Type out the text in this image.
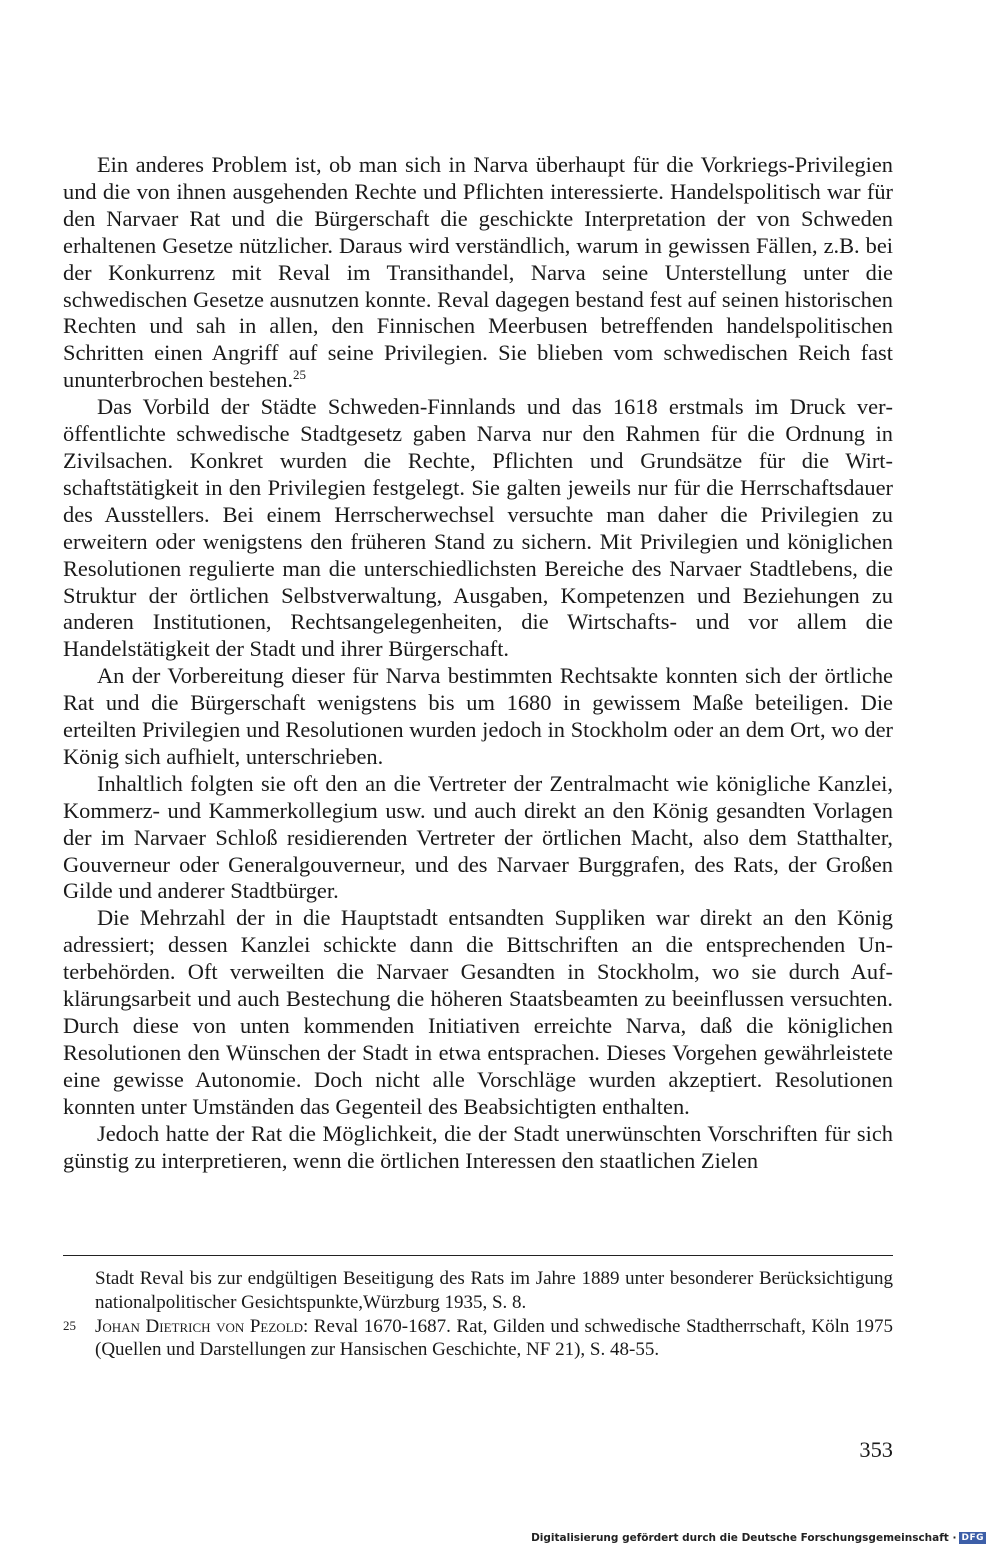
Ein anderes Problem ist, ob man sich in Narva überhaupt für die Vorkriegs-Privilegien und die von ihnen ausgehenden Rechte und Pflichten interessierte. Handelspolitisch war für den Narvaer Rat und die Bürgerschaft die geschickte Interpretation der von Schweden erhaltenen Gesetze nützlicher. Daraus wird verständlich, warum in gewissen Fällen, z.B. bei der Konkurrenz mit Reval im Transithandel, Narva seine Unterstellung unter die schwedischen Gesetze ausnutzen konnte. Reval dagegen bestand fest auf seinen historischen Rechten und sah in allen, den Finnischen Meerbusen betreffenden handelspolitischen Schritten einen Angriff auf seine Privilegien. Sie blieben vom schwedischen Reich fast ununterbrochen bestehen.$^{25}$

Das Vorbild der Städte Schweden-Finnlands und das 1618 erstmals im Druck veröffentlichte schwedische Stadtgesetz gaben Narva nur den Rahmen für die Ordnung in Zivilsachen. Konkret wurden die Rechte, Pflichten und Grundsätze für die Wirtschaftstätigkeit in den Privilegien festgelegt. Sie galten jeweils nur für die Herrschaftsdauer des Ausstellers. Bei einem Herrscherwechsel versuchte man daher die Privilegien zu erweitern oder wenigstens den früheren Stand zu sichern. Mit Privilegien und königlichen Resolutionen regulierte man die unterschiedlichsten Bereiche des Narvaer Stadtlebens, die Struktur der örtlichen Selbstverwaltung, Ausgaben, Kompetenzen und Beziehungen zu anderen Institutionen, Rechtsangelegenheiten, die Wirtschafts- und vor allem die Handelstätigkeit der Stadt und ihrer Bürgerschaft.

An der Vorbereitung dieser für Narva bestimmten Rechtsakte konnten sich der örtliche Rat und die Bürgerschaft wenigstens bis um 1680 in gewissem Maße beteiligen. Die erteilten Privilegien und Resolutionen wurden jedoch in Stockholm oder an dem Ort, wo der König sich aufhielt, unterschrieben.

Inhaltlich folgten sie oft den an die Vertreter der Zentralmacht wie königliche Kanzlei, Kommerz- und Kammerkollegium usw. und auch direkt an den König gesandten Vorlagen der im Narvaer Schloß residierenden Vertreter der örtlichen Macht, also dem Statthalter, Gouverneur oder Generalgouverneur, und des Narvaer Burggrafen, des Rats, der Großen Gilde und anderer Stadtbürger.

Die Mehrzahl der in die Hauptstadt entsandten Suppliken war direkt an den König adressiert; dessen Kanzlei schickte dann die Bittschriften an die entsprechenden Unterbehörden. Oft verweilten die Narvaer Gesandten in Stockholm, wo sie durch Aufklärungsarbeit und auch Bestechung die höheren Staatsbeamten zu beeinflussen versuchten. Durch diese von unten kommenden Initiativen erreichte Narva, daß die königlichen Resolutionen den Wünschen der Stadt in etwa entsprachen. Dieses Vorgehen gewährleistete eine gewisse Autonomie. Doch nicht alle Vorschläge wurden akzeptiert. Resolutionen konnten unter Umständen das Gegenteil des Beabsichtigten enthalten.

Jedoch hatte der Rat die Möglichkeit, die der Stadt unerwünschten Vorschriften für sich günstig zu interpretieren, wenn die örtlichen Interessen den staatlichen Zielen

Stadt Reval bis zur endgültigen Beseitigung des Rats im Jahre 1889 unter besonderer Berücksichtigung nationalpolitischer Gesichtspunkte,Würzburg 1935, S. 8.
25 Johan Dietrich von Pezold: Reval 1670-1687. Rat, Gilden und schwedische Stadtherrschaft, Köln 1975 (Quellen und Darstellungen zur Hansischen Geschichte, NF 21), S. 48-55.
353
Digitalisierung gefördert durch die Deutsche Forschungsgemeinschaft · DFG
